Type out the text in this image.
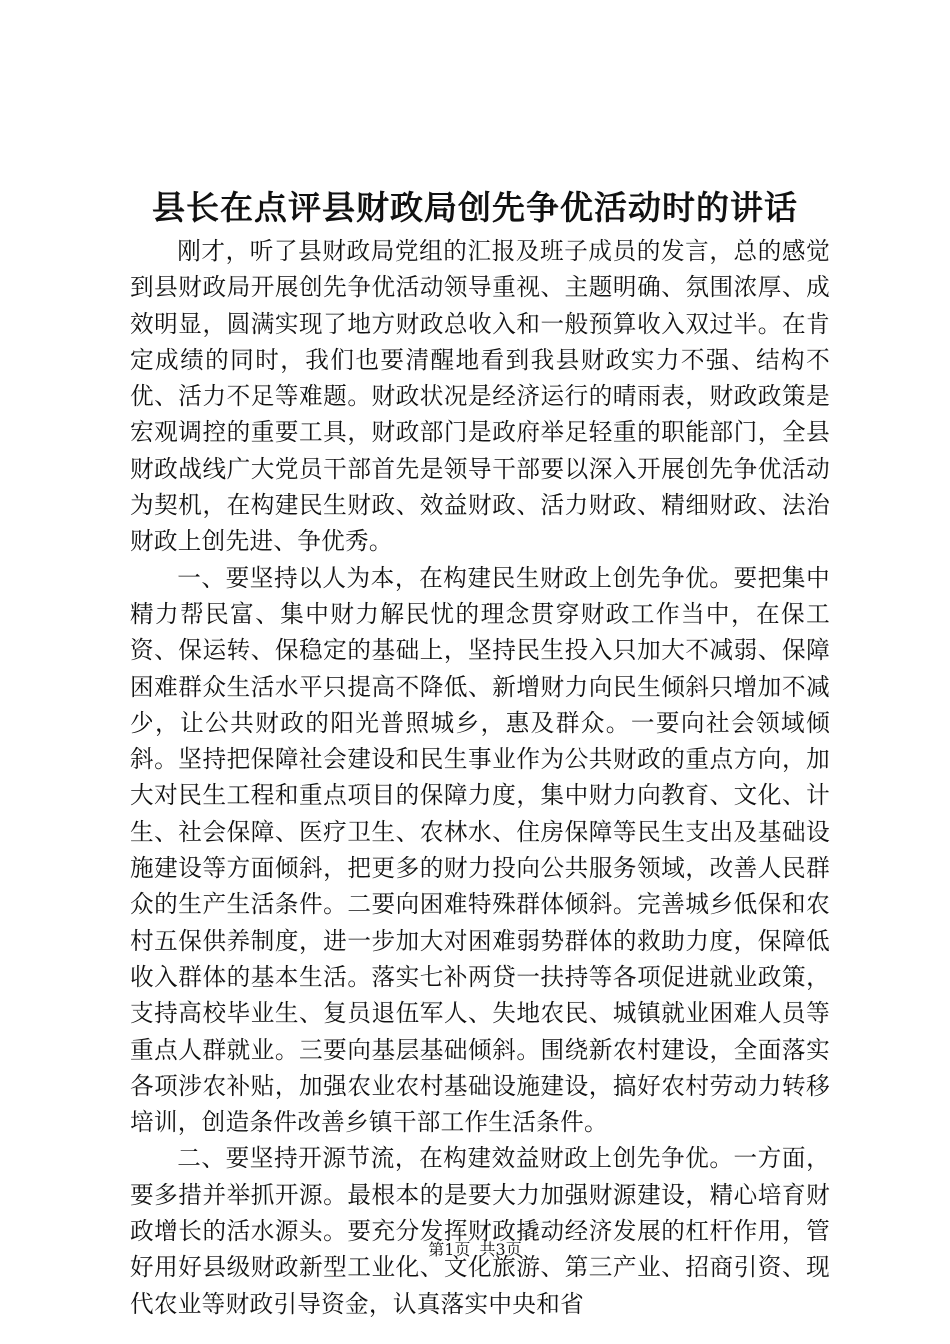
县长在点评县财政局创先争优活动时的讲话

刚才，听了县财政局党组的汇报及班子成员的发言，总的感觉到县财政局开展创先争优活动领导重视、主题明确、氛围浓厚、成效明显，圆满实现了地方财政总收入和一般预算收入双过半。在肯定成绩的同时，我们也要清醒地看到我县财政实力不强、结构不优、活力不足等难题。财政状况是经济运行的晴雨表，财政政策是宏观调控的重要工具，财政部门是政府举足轻重的职能部门，全县财政战线广大党员干部首先是领导干部要以深入开展创先争优活动为契机，在构建民生财政、效益财政、活力财政、精细财政、法治财政上创先进、争优秀。

一、要坚持以人为本，在构建民生财政上创先争优。要把集中精力帮民富、集中财力解民忧的理念贯穿财政工作当中，在保工资、保运转、保稳定的基础上，坚持民生投入只加大不减弱、保障困难群众生活水平只提高不降低、新增财力向民生倾斜只增加不减少，让公共财政的阳光普照城乡，惠及群众。一要向社会领域倾斜。坚持把保障社会建设和民生事业作为公共财政的重点方向，加大对民生工程和重点项目的保障力度，集中财力向教育、文化、计生、社会保障、医疗卫生、农林水、住房保障等民生支出及基础设施建设等方面倾斜，把更多的财力投向公共服务领域，改善人民群众的生产生活条件。二要向困难特殊群体倾斜。完善城乡低保和农村五保供养制度，进一步加大对困难弱势群体的救助力度，保障低收入群体的基本生活。落实七补两贷一扶持等各项促进就业政策，支持高校毕业生、复员退伍军人、失地农民、城镇就业困难人员等重点人群就业。三要向基层基础倾斜。围绕新农村建设，全面落实各项涉农补贴，加强农业农村基础设施建设，搞好农村劳动力转移培训，创造条件改善乡镇干部工作生活条件。

二、要坚持开源节流，在构建效益财政上创先争优。一方面，要多措并举抓开源。最根本的是要大力加强财源建设，精心培育财政增长的活水源头。要充分发挥财政撬动经济发展的杠杆作用，管好用好县级财政新型工业化、文化旅游、第三产业、招商引资、现代农业等财政引导资金，认真落实中央和省

第1页 共3页
